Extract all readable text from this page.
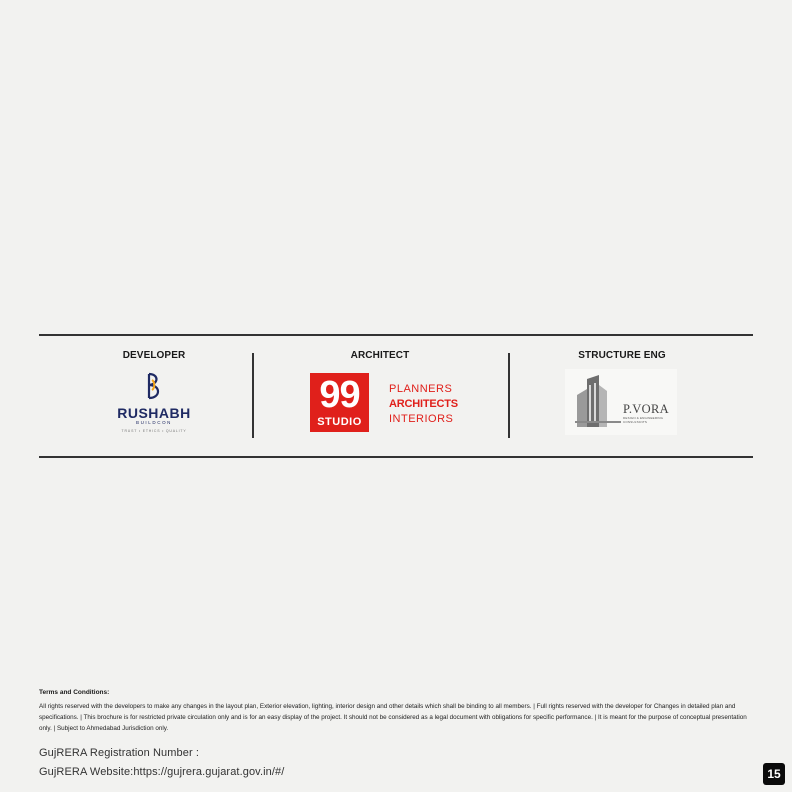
DEVELOPER
RUSHABH
BUILDCON
TRUST • ETHICS • QUALITY
ARCHITECT
99
STUDIO
PLANNERS
ARCHITECTS
INTERIORS
STRUCTURE ENG
P.VORA
DESIGN & ENGINEERING CONSULTANTS
Terms and Conditions:
All rights reserved with the developers to make any changes in the layout plan, Exterior elevation, lighting, interior design and other details which shall be binding to all members. | Full rights reserved with the developer for Changes in detailed plan and specifications. | This brochure is for restricted private circulation only and is for an easy display of the project. It should not be considered as a legal document with obligations for specific performance. | It is meant for the purpose of conceptual presentation only. | Subject to Ahmedabad Jurisdiction only.
GujRERA Registration Number :
GujRERA Website:https://gujrera.gujarat.gov.in/#/	15
